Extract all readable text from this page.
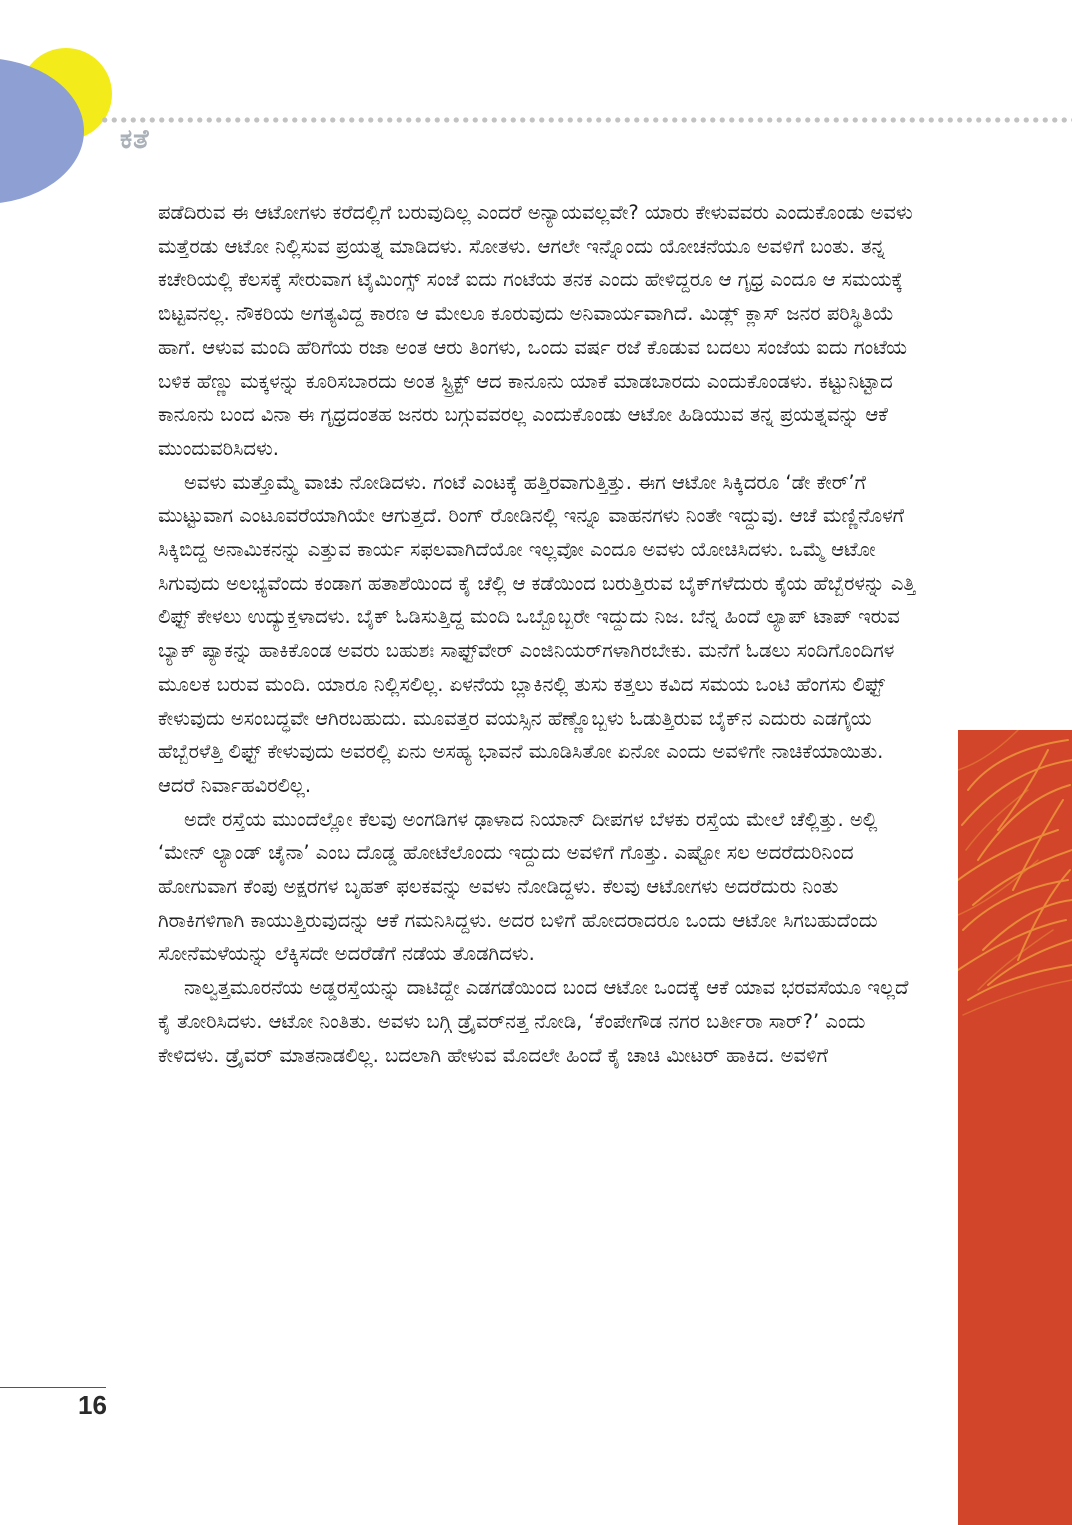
ಕತೆ

ಪಡೆದಿರುವ ಈ ಆಟೋಗಳು ಕರೆದಲ್ಲಿಗೆ ಬರುವುದಿಲ್ಲ ಎಂದರೆ ಅನ್ಯಾಯವಲ್ಲವೇ? ಯಾರು ಕೇಳುವವರು ಎಂದುಕೊಂಡು ಅವಳು ಮತ್ತೆರಡು ಆಟೋ ನಿಲ್ಲಿಸುವ ಪ್ರಯತ್ನ ಮಾಡಿದಳು. ಸೋತಳು. ಆಗಲೇ ಇನ್ನೊಂದು ಯೋಚನೆಯೂ ಅವಳಿಗೆ ಬಂತು. ತನ್ನ ಕಚೇರಿಯಲ್ಲಿ ಕೆಲಸಕ್ಕೆ ಸೇರುವಾಗ ಟೈಮಿಂಗ್ಸ್ ಸಂಜೆ ಐದು ಗಂಟೆಯ ತನಕ ಎಂದು ಹೇಳಿದ್ದರೂ ಆ ಗೃಧ್ರ ಎಂದೂ ಆ ಸಮಯಕ್ಕೆ ಬಿಟ್ಟವನಲ್ಲ. ನೌಕರಿಯ ಅಗತ್ಯವಿದ್ದ ಕಾರಣ ಆ ಮೇಲೂ ಕೂರುವುದು ಅನಿವಾರ್ಯವಾಗಿದೆ. ಮಿಡ್ಲ್ ಕ್ಲಾಸ್ ಜನರ ಪರಿಸ್ಥಿತಿಯೆ ಹಾಗೆ. ಆಳುವ ಮಂದಿ ಹೆರಿಗೆಯ ರಜಾ ಅಂತ ಆರು ತಿಂಗಳು, ಒಂದು ವರ್ಷ ರಜೆ ಕೊಡುವ ಬದಲು ಸಂಜೆಯ ಐದು ಗಂಟೆಯ ಬಳಿಕ ಹೆಣ್ಣು ಮಕ್ಕಳನ್ನು ಕೂರಿಸಬಾರದು ಅಂತ ಸ್ಟ್ರಿಕ್ಟ್ ಆದ ಕಾನೂನು ಯಾಕೆ ಮಾಡಬಾರದು ಎಂದುಕೊಂಡಳು. ಕಟ್ಟುನಿಟ್ಟಾದ ಕಾನೂನು ಬಂದ ವಿನಾ ಈ ಗೃಧ್ರದಂತಹ ಜನರು ಬಗ್ಗುವವರಲ್ಲ ಎಂದುಕೊಂಡು ಆಟೋ ಹಿಡಿಯುವ ತನ್ನ ಪ್ರಯತ್ನವನ್ನು ಆಕೆ ಮುಂದುವರಿಸಿದಳು.

ಅವಳು ಮತ್ತೊಮ್ಮೆ ವಾಚು ನೋಡಿದಳು. ಗಂಟೆ ಎಂಟಕ್ಕೆ ಹತ್ತಿರವಾಗುತ್ತಿತ್ತು. ಈಗ ಆಟೋ ಸಿಕ್ಕಿದರೂ ‘ಡೇ ಕೇರ್’ಗೆ ಮುಟ್ಟುವಾಗ ಎಂಟೂವರೆಯಾಗಿಯೇ ಆಗುತ್ತದೆ. ರಿಂಗ್ ರೋಡಿನಲ್ಲಿ ಇನ್ನೂ ವಾಹನಗಳು ನಿಂತೇ ಇದ್ದುವು. ಆಚೆ ಮಣ್ಣಿನೊಳಗೆ ಸಿಕ್ಕಿಬಿದ್ದ ಅನಾಮಿಕನನ್ನು ಎತ್ತುವ ಕಾರ್ಯ ಸಫಲವಾಗಿದೆಯೋ ಇಲ್ಲವೋ ಎಂದೂ ಅವಳು ಯೋಚಿಸಿದಳು. ಒಮ್ಮೆ ಆಟೋ ಸಿಗುವುದು ಅಲಭ್ಯವೆಂದು ಕಂಡಾಗ ಹತಾಶೆಯಿಂದ ಕೈ ಚೆಲ್ಲಿ ಆ ಕಡೆಯಿಂದ ಬರುತ್ತಿರುವ ಬೈಕ್‌ಗಳೆದುರು ಕೈಯ ಹೆಬ್ಬೆರಳನ್ನು ಎತ್ತಿ ಲಿಫ್ಟ್ ಕೇಳಲು ಉದ್ಯುಕ್ತಳಾದಳು. ಬೈಕ್ ಓಡಿಸುತ್ತಿದ್ದ ಮಂದಿ ಒಬ್ಬೊಬ್ಬರೇ ಇದ್ದುದು ನಿಜ. ಬೆನ್ನ ಹಿಂದೆ ಲ್ಯಾಪ್ ಟಾಪ್ ಇರುವ ಬ್ಯಾಕ್ ಪ್ಯಾಕನ್ನು ಹಾಕಿಕೊಂಡ ಅವರು ಬಹುಶಃ ಸಾಫ್ಟ್‌ವೇರ್ ಎಂಜಿನಿಯರ್‌ಗಳಾಗಿರಬೇಕು. ಮನೆಗೆ ಓಡಲು ಸಂದಿಗೊಂದಿಗಳ ಮೂಲಕ ಬರುವ ಮಂದಿ. ಯಾರೂ ನಿಲ್ಲಿಸಲಿಲ್ಲ. ಏಳನೆಯ ಬ್ಲಾಕಿನಲ್ಲಿ ತುಸು ಕತ್ತಲು ಕವಿದ ಸಮಯ ಒಂಟಿ ಹೆಂಗಸು ಲಿಫ್ಟ್ ಕೇಳುವುದು ಅಸಂಬದ್ಧವೇ ಆಗಿರಬಹುದು. ಮೂವತ್ತರ ವಯಸ್ಸಿನ ಹೆಣ್ಣೊಬ್ಬಳು ಓಡುತ್ತಿರುವ ಬೈಕ್‌ನ ಎದುರು ಎಡಗೈಯ ಹೆಬ್ಬೆರಳೆತ್ತಿ ಲಿಫ್ಟ್ ಕೇಳುವುದು ಅವರಲ್ಲಿ ಏನು ಅಸಹ್ಯ ಭಾವನೆ ಮೂಡಿಸಿತೋ ಏನೋ ಎಂದು ಅವಳಿಗೇ ನಾಚಿಕೆಯಾಯಿತು. ಆದರೆ ನಿರ್ವಾಹವಿರಲಿಲ್ಲ.

ಅದೇ ರಸ್ತೆಯ ಮುಂದೆಲ್ಲೋ ಕೆಲವು ಅಂಗಡಿಗಳ ಢಾಳಾದ ನಿಯಾನ್ ದೀಪಗಳ ಬೆಳಕು ರಸ್ತೆಯ ಮೇಲೆ ಚೆಲ್ಲಿತ್ತು. ಅಲ್ಲಿ ‘ಮೇನ್ ಲ್ಯಾಂಡ್ ಚೈನಾ’ ಎಂಬ ದೊಡ್ಡ ಹೋಟೆಲೊಂದು ಇದ್ದುದು ಅವಳಿಗೆ ಗೊತ್ತು. ಎಷ್ಟೋ ಸಲ ಅದರೆದುರಿನಿಂದ ಹೋಗುವಾಗ ಕೆಂಪು ಅಕ್ಷರಗಳ ಬೃಹತ್ ಫಲಕವನ್ನು ಅವಳು ನೋಡಿದ್ದಳು. ಕೆಲವು ಆಟೋಗಳು ಅದರೆದುರು ನಿಂತು ಗಿರಾಕಿಗಳಿಗಾಗಿ ಕಾಯುತ್ತಿರುವುದನ್ನು ಆಕೆ ಗಮನಿಸಿದ್ದಳು. ಅದರ ಬಳಿಗೆ ಹೋದರಾದರೂ ಒಂದು ಆಟೋ ಸಿಗಬಹುದೆಂದು ಸೋನೆಮಳೆಯನ್ನು ಲೆಕ್ಕಿಸದೇ ಅದರೆಡೆಗೆ ನಡೆಯ ತೊಡಗಿದಳು.

ನಾಲ್ವತ್ತಮೂರನೆಯ ಅಡ್ಡರಸ್ತೆಯನ್ನು ದಾಟಿದ್ದೇ ಎಡಗಡೆಯಿಂದ ಬಂದ ಆಟೋ ಒಂದಕ್ಕೆ ಆಕೆ ಯಾವ ಭರವಸೆಯೂ ಇಲ್ಲದೆ ಕೈ ತೋರಿಸಿದಳು. ಆಟೋ ನಿಂತಿತು. ಅವಳು ಬಗ್ಗಿ ಡ್ರೈವರ್‌ನತ್ತ ನೋಡಿ, ‘ಕೆಂಪೇಗೌಡ ನಗರ ಬರ್ತೀರಾ ಸಾರ್?’ ಎಂದು ಕೇಳಿದಳು. ಡ್ರೈವರ್ ಮಾತನಾಡಲಿಲ್ಲ. ಬದಲಾಗಿ ಹೇಳುವ ಮೊದಲೇ ಹಿಂದೆ ಕೈ ಚಾಚಿ ಮೀಟರ್ ಹಾಕಿದ. ಅವಳಿಗೆ

16
